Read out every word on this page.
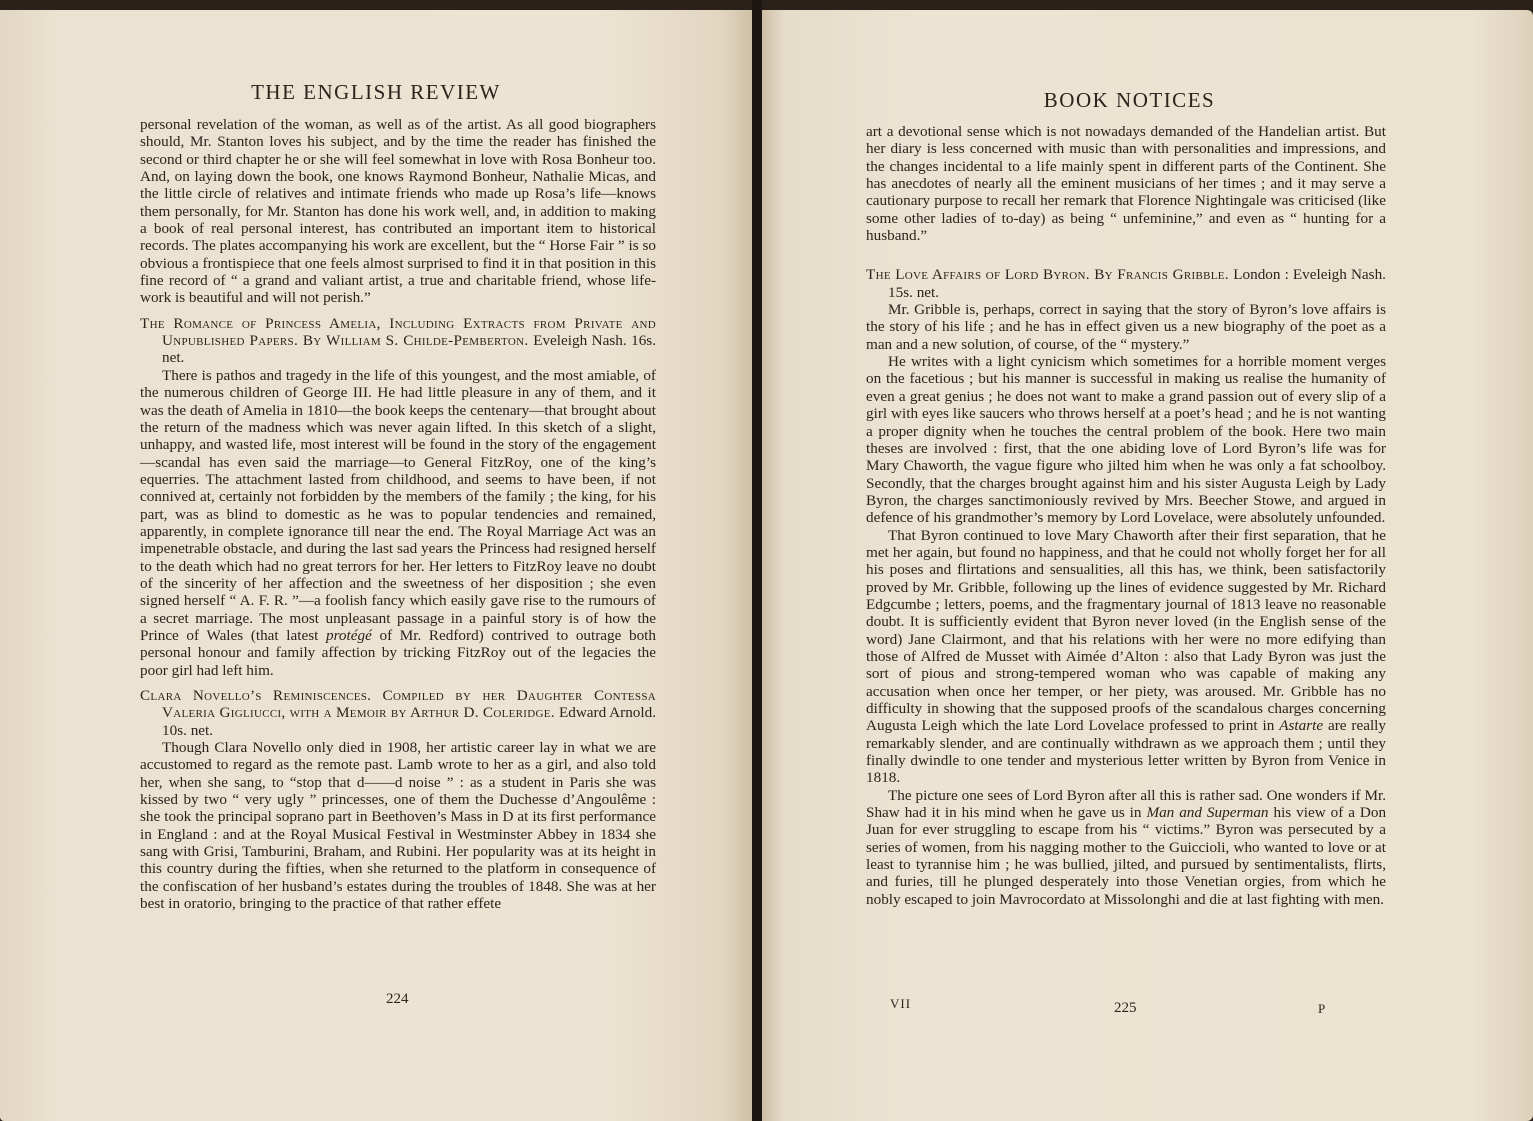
THE ENGLISH REVIEW

personal revelation of the woman, as well as of the artist. As all good biographers should, Mr. Stanton loves his subject, and by the time the reader has finished the second or third chapter he or she will feel somewhat in love with Rosa Bonheur too. And, on laying down the book, one knows Raymond Bonheur, Nathalie Micas, and the little circle of relatives and intimate friends who made up Rosa’s life—knows them personally, for Mr. Stanton has done his work well, and, in addition to making a book of real personal interest, has contributed an important item to historical records. The plates accompanying his work are excellent, but the “ Horse Fair ” is so obvious a frontispiece that one feels almost surprised to find it in that position in this fine record of “ a grand and valiant artist, a true and charitable friend, whose life-work is beautiful and will not perish.”

The Romance of Princess Amelia, Including Extracts from Private and Unpublished Papers. By William S. Childe-Pemberton. Eveleigh Nash. 16s. net.

There is pathos and tragedy in the life of this youngest, and the most amiable, of the numerous children of George III. He had little pleasure in any of them, and it was the death of Amelia in 1810—the book keeps the centenary—that brought about the return of the madness which was never again lifted. In this sketch of a slight, unhappy, and wasted life, most interest will be found in the story of the engagement—scandal has even said the marriage—to General FitzRoy, one of the king’s equerries. The attachment lasted from childhood, and seems to have been, if not connived at, certainly not forbidden by the members of the family ; the king, for his part, was as blind to domestic as he was to popular tendencies and remained, apparently, in complete ignorance till near the end. The Royal Marriage Act was an impenetrable obstacle, and during the last sad years the Princess had resigned herself to the death which had no great terrors for her. Her letters to FitzRoy leave no doubt of the sincerity of her affection and the sweetness of her disposition ; she even signed herself “ A. F. R. ”—a foolish fancy which easily gave rise to the rumours of a secret marriage. The most unpleasant passage in a painful story is of how the Prince of Wales (that latest protégé of Mr. Redford) contrived to outrage both personal honour and family affection by tricking FitzRoy out of the legacies the poor girl had left him.

Clara Novello’s Reminiscences. Compiled by her Daughter Contessa Valeria Gigliucci, with a Memoir by Arthur D. Coleridge. Edward Arnold. 10s. net.

Though Clara Novello only died in 1908, her artistic career lay in what we are accustomed to regard as the remote past. Lamb wrote to her as a girl, and also told her, when she sang, to “stop that d——d noise ” : as a student in Paris she was kissed by two “ very ugly ” princesses, one of them the Duchesse d’Angoulême : she took the principal soprano part in Beethoven’s Mass in D at its first performance in England : and at the Royal Musical Festival in Westminster Abbey in 1834 she sang with Grisi, Tamburini, Braham, and Rubini. Her popularity was at its height in this country during the fifties, when she returned to the platform in consequence of the confiscation of her husband’s estates during the troubles of 1848. She was at her best in oratorio, bringing to the practice of that rather effete

224
BOOK NOTICES

art a devotional sense which is not nowadays demanded of the Handelian artist. But her diary is less concerned with music than with personalities and impressions, and the changes incidental to a life mainly spent in different parts of the Continent. She has anecdotes of nearly all the eminent musicians of her times ; and it may serve a cautionary purpose to recall her remark that Florence Nightingale was criticised (like some other ladies of to-day) as being “ unfeminine,” and even as “ hunting for a husband.”

The Love Affairs of Lord Byron. By Francis Gribble. London : Eveleigh Nash. 15s. net.

Mr. Gribble is, perhaps, correct in saying that the story of Byron’s love affairs is the story of his life ; and he has in effect given us a new biography of the poet as a man and a new solution, of course, of the “ mystery.”

He writes with a light cynicism which sometimes for a horrible moment verges on the facetious ; but his manner is successful in making us realise the humanity of even a great genius ; he does not want to make a grand passion out of every slip of a girl with eyes like saucers who throws herself at a poet’s head ; and he is not wanting a proper dignity when he touches the central problem of the book. Here two main theses are involved : first, that the one abiding love of Lord Byron’s life was for Mary Chaworth, the vague figure who jilted him when he was only a fat schoolboy. Secondly, that the charges brought against him and his sister Augusta Leigh by Lady Byron, the charges sanctimoniously revived by Mrs. Beecher Stowe, and argued in defence of his grandmother’s memory by Lord Lovelace, were absolutely unfounded.

That Byron continued to love Mary Chaworth after their first separation, that he met her again, but found no happiness, and that he could not wholly forget her for all his poses and flirtations and sensualities, all this has, we think, been satisfactorily proved by Mr. Gribble, following up the lines of evidence suggested by Mr. Richard Edgcumbe ; letters, poems, and the fragmentary journal of 1813 leave no reasonable doubt. It is sufficiently evident that Byron never loved (in the English sense of the word) Jane Clairmont, and that his relations with her were no more edifying than those of Alfred de Musset with Aimée d’Alton : also that Lady Byron was just the sort of pious and strong-tempered woman who was capable of making any accusation when once her temper, or her piety, was aroused. Mr. Gribble has no difficulty in showing that the supposed proofs of the scandalous charges concerning Augusta Leigh which the late Lord Lovelace professed to print in Astarte are really remarkably slender, and are continually withdrawn as we approach them ; until they finally dwindle to one tender and mysterious letter written by Byron from Venice in 1818.

The picture one sees of Lord Byron after all this is rather sad. One wonders if Mr. Shaw had it in his mind when he gave us in Man and Superman his view of a Don Juan for ever struggling to escape from his “ victims.” Byron was persecuted by a series of women, from his nagging mother to the Guiccioli, who wanted to love or at least to tyrannise him ; he was bullied, jilted, and pursued by sentimentalists, flirts, and furies, till he plunged desperately into those Venetian orgies, from which he nobly escaped to join Mavrocordato at Missolonghi and die at last fighting with men.

VII	225	P
